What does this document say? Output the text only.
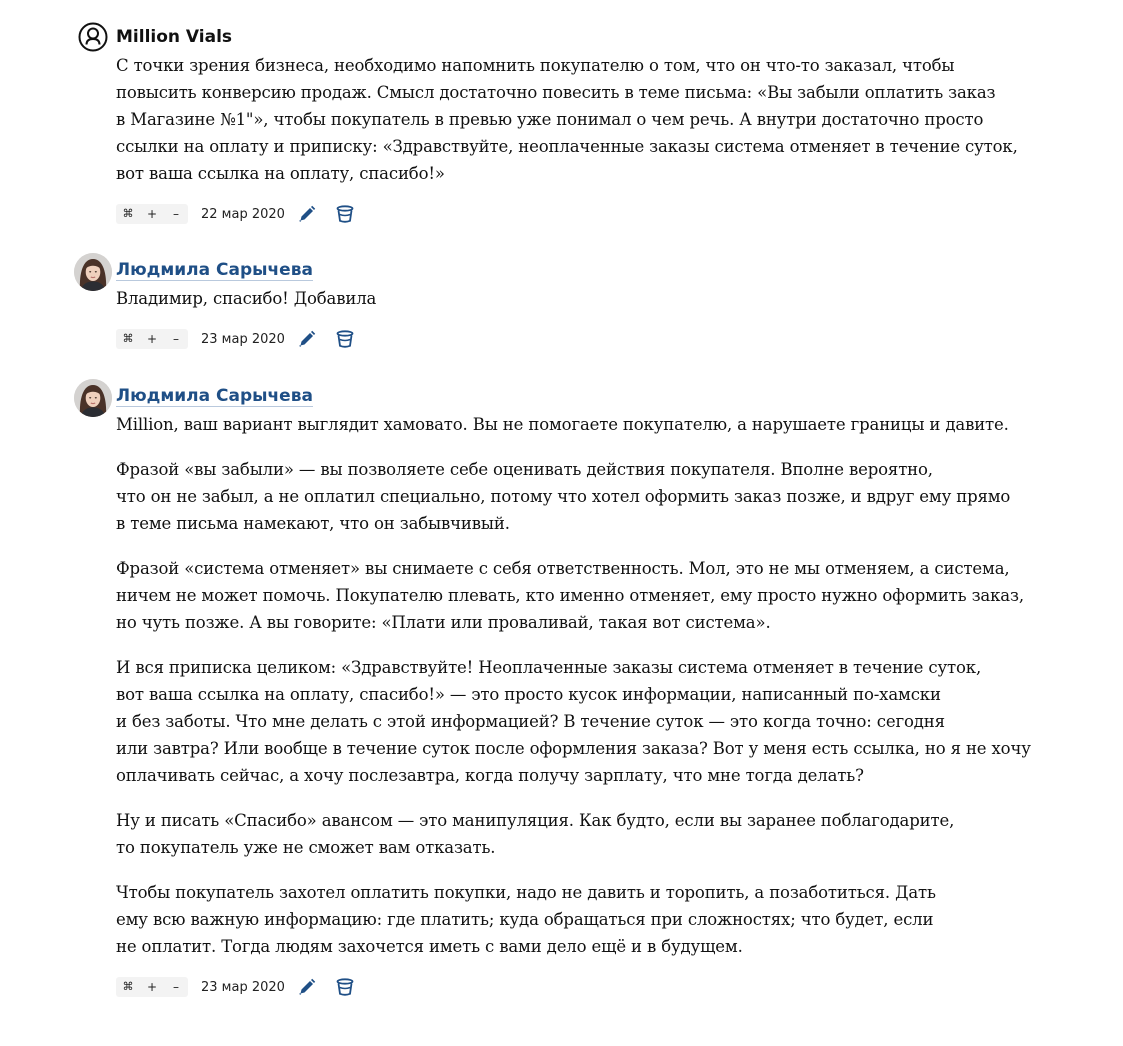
Million Vials

С точки зрения бизнеса, необходимо напомнить покупателю о том, что он что-то заказал, чтобы
повысить конверсию продаж. Смысл достаточно повесить в теме письма: «Вы забыли оплатить заказ
в Магазине №1"», чтобы покупатель в превью уже понимал о чем речь. А внутри достаточно просто
ссылки на оплату и приписку: «Здравствуйте, неоплаченные заказы система отменяет в течение суток,
вот ваша ссылка на оплату, спасибо!»

⌘	+	–	22 мар 2020
Людмила Сарычева

Владимир, спасибо! Добавила

⌘	+	–	23 мар 2020
Людмила Сарычева

Million, ваш вариант выглядит хамовато. Вы не помогаете покупателю, а нарушаете границы и давите.

Фразой «вы забыли» — вы позволяете себе оценивать действия покупателя. Вполне вероятно,
что он не забыл, а не оплатил специально, потому что хотел оформить заказ позже, и вдруг ему прямо
в теме письма намекают, что он забывчивый.

Фразой «система отменяет» вы снимаете с себя ответственность. Мол, это не мы отменяем, а система,
ничем не может помочь. Покупателю плевать, кто именно отменяет, ему просто нужно оформить заказ,
но чуть позже. А вы говорите: «Плати или проваливай, такая вот система».

И вся приписка целиком: «Здравствуйте! Неоплаченные заказы система отменяет в течение суток,
вот ваша ссылка на оплату, спасибо!» — это просто кусок информации, написанный по-хамски
и без заботы. Что мне делать с этой информацией? В течение суток — это когда точно: сегодня
или завтра? Или вообще в течение суток после оформления заказа? Вот у меня есть ссылка, но я не хочу
оплачивать сейчас, а хочу послезавтра, когда получу зарплату, что мне тогда делать?

Ну и писать «Спасибо» авансом — это манипуляция. Как будто, если вы заранее поблагодарите,
то покупатель уже не сможет вам отказать.

Чтобы покупатель захотел оплатить покупки, надо не давить и торопить, а позаботиться. Дать
ему всю важную информацию: где платить; куда обращаться при сложностях; что будет, если
не оплатит. Тогда людям захочется иметь с вами дело ещё и в будущем.

⌘	+	–	23 мар 2020
